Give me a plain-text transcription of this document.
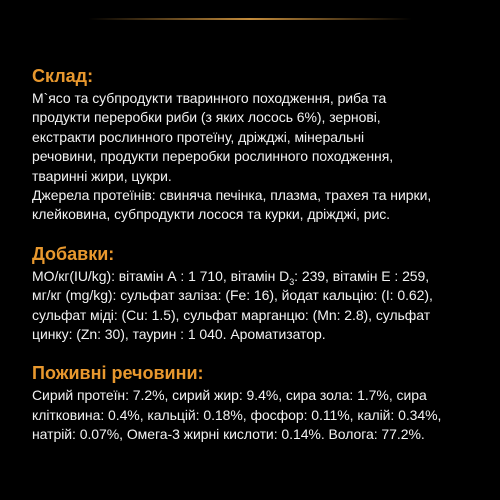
Склад:

М`ясо та субпродукти тваринного походження, риба та
продукти переробки риби (з яких лосось 6%), зернові,
екстракти рослинного протеїну, дріжджі, мінеральні
речовини, продукти переробки рослинного походження,
тваринні жири, цукри.

Джерела протеїнів: свиняча печінка, плазма, трахея та нирки,
клейковина, субпродукти лосося та курки, дріжджі, рис.

Добавки:

МО/кг(IU/kg): вітамін А : 1 710, вітамін $D_3$: 239, вітамін Е : 259,
мг/кг (mg/kg): сульфат заліза: (Fe: 16), йодат кальцію: (I: 0.62),
сульфат міді: (Cu: 1.5), сульфат марганцю: (Mn: 2.8), сульфат
цинку: (Zn: 30), таурин : 1 040. Ароматизатор.

Поживні речовини:

Сирий протеїн: 7.2%, сирий жир: 9.4%, сира зола: 1.7%, сира
клітковина: 0.4%, кальцій: 0.18%, фосфор: 0.11%, калій: 0.34%,
натрій: 0.07%, Омега-3 жирні кислоти: 0.14%. Волога: 77.2%.
